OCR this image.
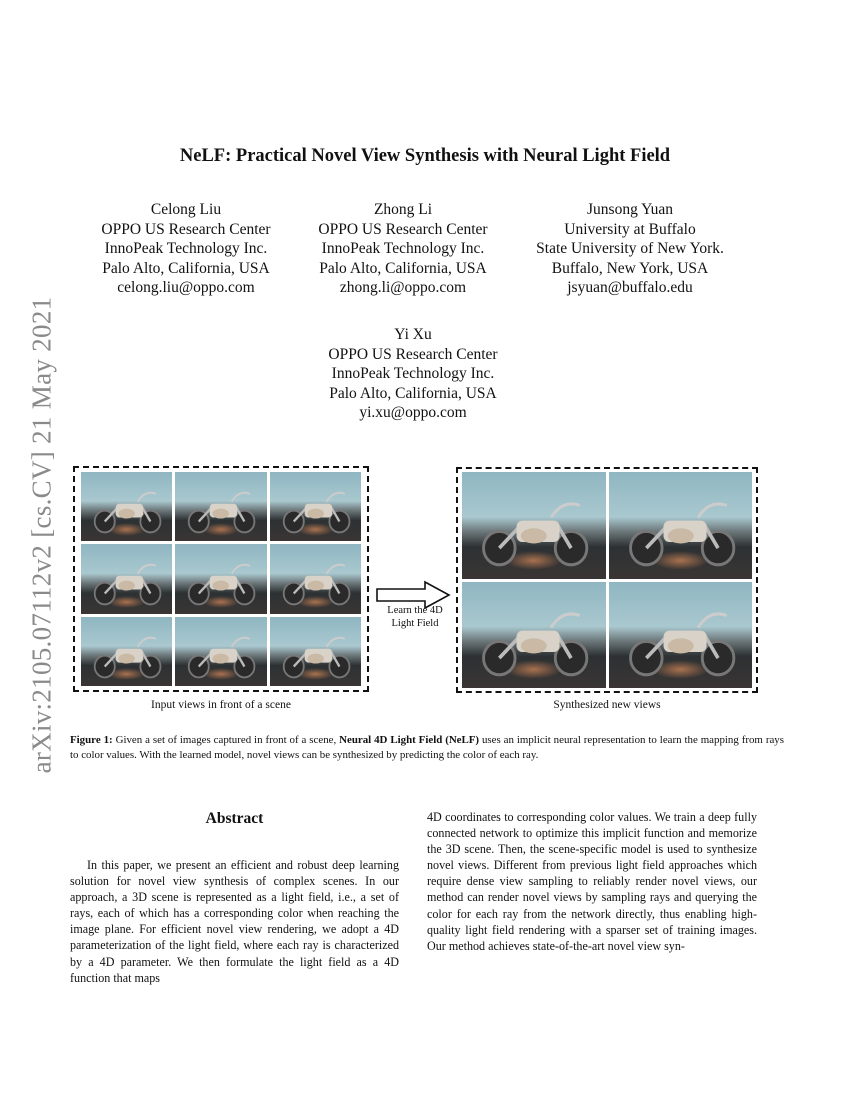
arXiv:2105.07112v2 [cs.CV] 21 May 2021
NeLF: Practical Novel View Synthesis with Neural Light Field
Celong Liu
OPPO US Research Center
InnoPeak Technology Inc.
Palo Alto, California, USA
celong.liu@oppo.com
Zhong Li
OPPO US Research Center
InnoPeak Technology Inc.
Palo Alto, California, USA
zhong.li@oppo.com
Junsong Yuan
University at Buffalo
State University of New York.
Buffalo, New York, USA
jsyuan@buffalo.edu
Yi Xu
OPPO US Research Center
InnoPeak Technology Inc.
Palo Alto, California, USA
yi.xu@oppo.com
Learn the 4D
Light Field
Input views in front of a scene	Synthesized new views
Figure 1: Given a set of images captured in front of a scene, Neural 4D Light Field (NeLF) uses an implicit neural representation to learn the mapping from rays to color values. With the learned model, novel views can be synthesized by predicting the color of each ray.
Abstract

In this paper, we present an efficient and robust deep learning solution for novel view synthesis of complex scenes. In our approach, a 3D scene is represented as a light field, i.e., a set of rays, each of which has a corresponding color when reaching the image plane. For efficient novel view rendering, we adopt a 4D parameterization of the light field, where each ray is characterized by a 4D parameter. We then formulate the light field as a 4D function that maps

4D coordinates to corresponding color values. We train a deep fully connected network to optimize this implicit function and memorize the 3D scene. Then, the scene-specific model is used to synthesize novel views. Different from previous light field approaches which require dense view sampling to reliably render novel views, our method can render novel views by sampling rays and querying the color for each ray from the network directly, thus enabling high-quality light field rendering with a sparser set of training images. Our method achieves state-of-the-art novel view syn-
